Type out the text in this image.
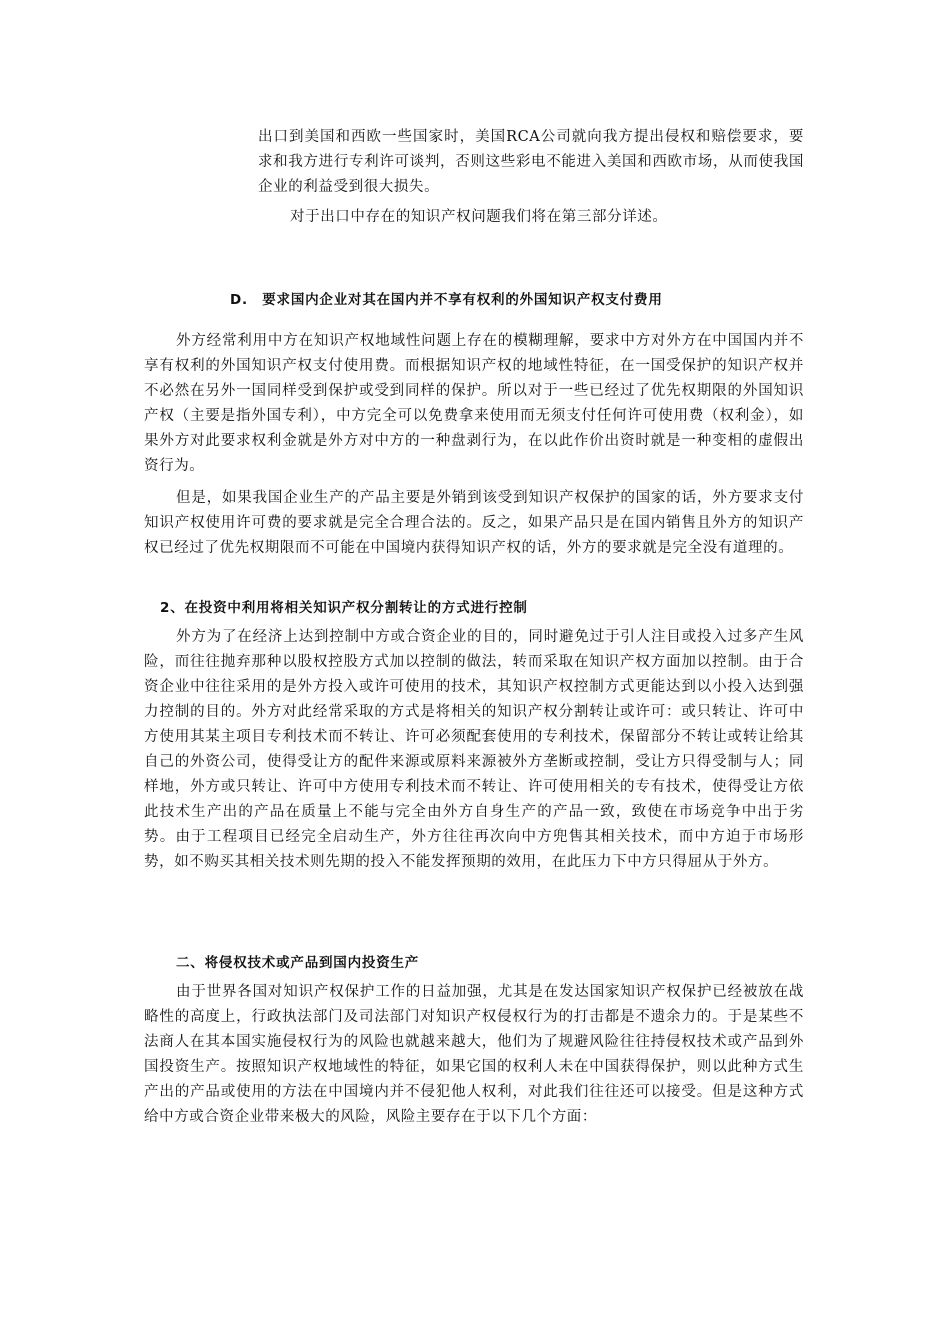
出口到美国和西欧一些国家时，美国RCA公司就向我方提出侵权和赔偿要求，要求和我方进行专利许可谈判，否则这些彩电不能进入美国和西欧市场，从而使我国企业的利益受到很大损失。

对于出口中存在的知识产权问题我们将在第三部分详述。

D.　要求国内企业对其在国内并不享有权利的外国知识产权支付费用

外方经常利用中方在知识产权地域性问题上存在的模糊理解，要求中方对外方在中国国内并不享有权利的外国知识产权支付使用费。而根据知识产权的地域性特征，在一国受保护的知识产权并不必然在另外一国同样受到保护或受到同样的保护。所以对于一些已经过了优先权期限的外国知识产权（主要是指外国专利），中方完全可以免费拿来使用而无须支付任何许可使用费（权利金），如果外方对此要求权利金就是外方对中方的一种盘剥行为，在以此作价出资时就是一种变相的虚假出资行为。

但是，如果我国企业生产的产品主要是外销到该受到知识产权保护的国家的话，外方要求支付知识产权使用许可费的要求就是完全合理合法的。反之，如果产品只是在国内销售且外方的知识产权已经过了优先权期限而不可能在中国境内获得知识产权的话，外方的要求就是完全没有道理的。

2、在投资中利用将相关知识产权分割转让的方式进行控制

外方为了在经济上达到控制中方或合资企业的目的，同时避免过于引人注目或投入过多产生风险，而往往抛弃那种以股权控股方式加以控制的做法，转而采取在知识产权方面加以控制。由于合资企业中往往采用的是外方投入或许可使用的技术，其知识产权控制方式更能达到以小投入达到强力控制的目的。外方对此经常采取的方式是将相关的知识产权分割转让或许可：或只转让、许可中方使用其某主项目专利技术而不转让、许可必须配套使用的专利技术，保留部分不转让或转让给其自己的外资公司，使得受让方的配件来源或原料来源被外方垄断或控制，受让方只得受制与人；同样地，外方或只转让、许可中方使用专利技术而不转让、许可使用相关的专有技术，使得受让方依此技术生产出的产品在质量上不能与完全由外方自身生产的产品一致，致使在市场竞争中出于劣势。由于工程项目已经完全启动生产，外方往往再次向中方兜售其相关技术，而中方迫于市场形势，如不购买其相关技术则先期的投入不能发挥预期的效用，在此压力下中方只得屈从于外方。

二、将侵权技术或产品到国内投资生产

由于世界各国对知识产权保护工作的日益加强，尤其是在发达国家知识产权保护已经被放在战略性的高度上，行政执法部门及司法部门对知识产权侵权行为的打击都是不遗余力的。于是某些不法商人在其本国实施侵权行为的风险也就越来越大，他们为了规避风险往往持侵权技术或产品到外国投资生产。按照知识产权地域性的特征，如果它国的权利人未在中国获得保护，则以此种方式生产出的产品或使用的方法在中国境内并不侵犯他人权利，对此我们往往还可以接受。但是这种方式给中方或合资企业带来极大的风险，风险主要存在于以下几个方面：
